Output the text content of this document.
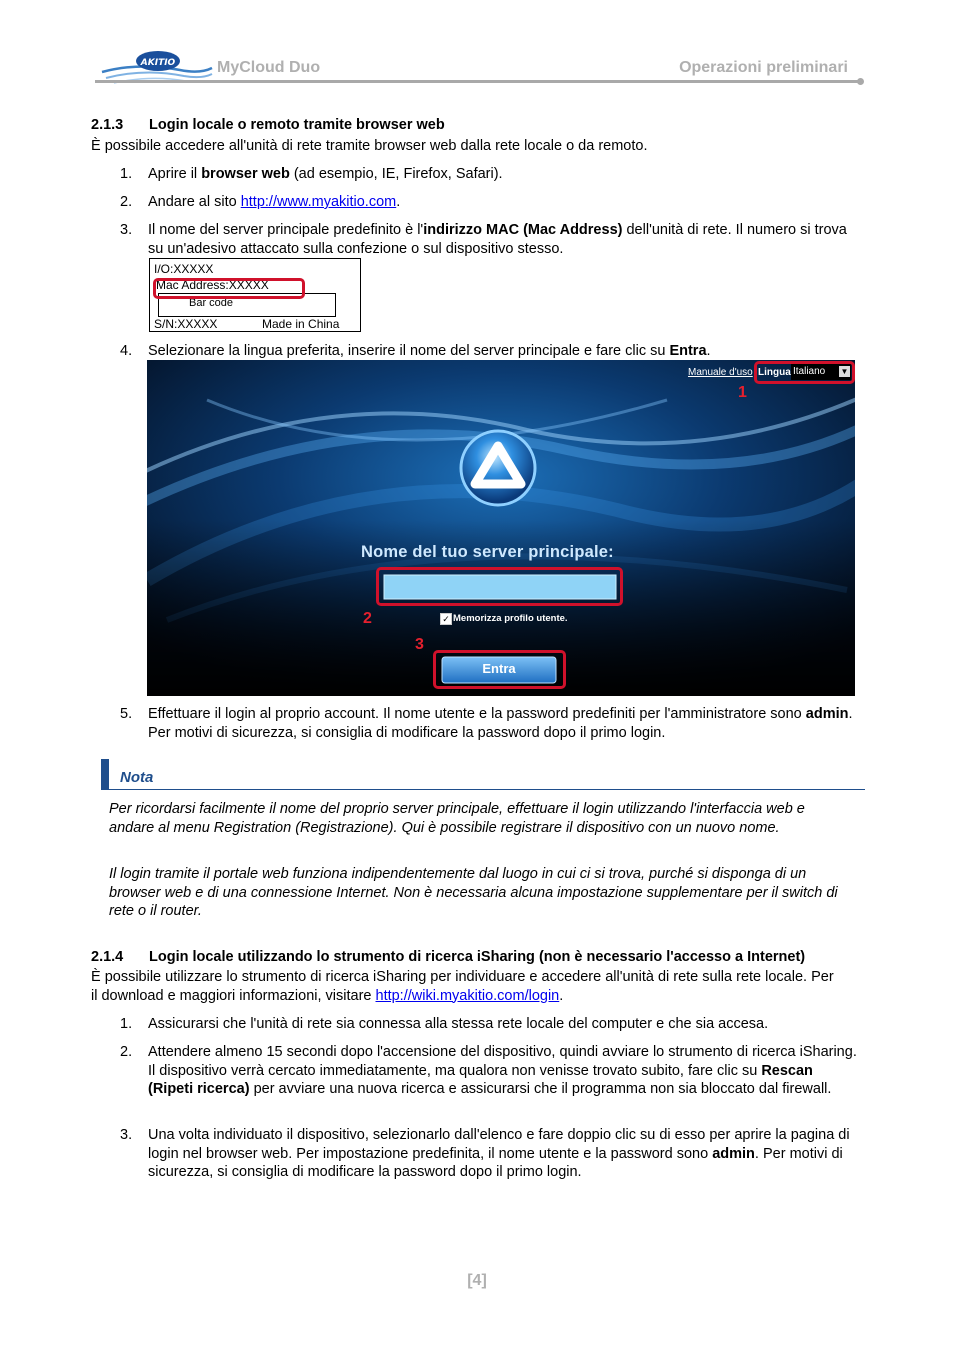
AKITIO	MyCloud Duo	Operazioni preliminari
2.1.3 Login locale o remoto tramite browser web
È possibile accedere all'unità di rete tramite browser web dalla rete locale o da remoto.
1.	Aprire il browser web (ad esempio, IE, Firefox, Safari).
2.	Andare al sito http://www.myakitio.com.
3.	Il nome del server principale predefinito è l'indirizzo MAC (Mac Address) dell'unità di rete. Il numero si trova su un'adesivo attaccato sulla confezione o sul dispositivo stesso.
I/O:XXXXX
Mac Address:XXXXX
Bar code
S/N:XXXXX	Made in China
4.	Selezionare la lingua preferita, inserire il nome del server principale e fare clic su Entra.
Manuale d'uso Lingua Italiano ▼
1
Nome del tuo server principale:
2	✓ Memorizza profilo utente.
3
Entra
5.	Effettuare il login al proprio account. Il nome utente e la password predefiniti per l'amministratore sono admin. Per motivi di sicurezza, si consiglia di modificare la password dopo il primo login.
Nota
Per ricordarsi facilmente il nome del proprio server principale, effettuare il login utilizzando l'interfaccia web e andare al menu Registration (Registrazione). Qui è possibile registrare il dispositivo con un nuovo nome.
Il login tramite il portale web funziona indipendentemente dal luogo in cui ci si trova, purché si disponga di un browser web e di una connessione Internet. Non è necessaria alcuna impostazione supplementare per il switch di rete o il router.
2.1.4 Login locale utilizzando lo strumento di ricerca iSharing (non è necessario l'accesso a Internet)
È possibile utilizzare lo strumento di ricerca iSharing per individuare e accedere all'unità di rete sulla rete locale. Per il download e maggiori informazioni, visitare http://wiki.myakitio.com/login.
1.	Assicurarsi che l'unità di rete sia connessa alla stessa rete locale del computer e che sia accesa.
2.	Attendere almeno 15 secondi dopo l'accensione del dispositivo, quindi avviare lo strumento di ricerca iSharing. Il dispositivo verrà cercato immediatamente, ma qualora non venisse trovato subito, fare clic su Rescan (Ripeti ricerca) per avviare una nuova ricerca e assicurarsi che il programma non sia bloccato dal firewall.
3.	Una volta individuato il dispositivo, selezionarlo dall'elenco e fare doppio clic su di esso per aprire la pagina di login nel browser web. Per impostazione predefinita, il nome utente e la password sono admin. Per motivi di sicurezza, si consiglia di modificare la password dopo il primo login.
[4]
